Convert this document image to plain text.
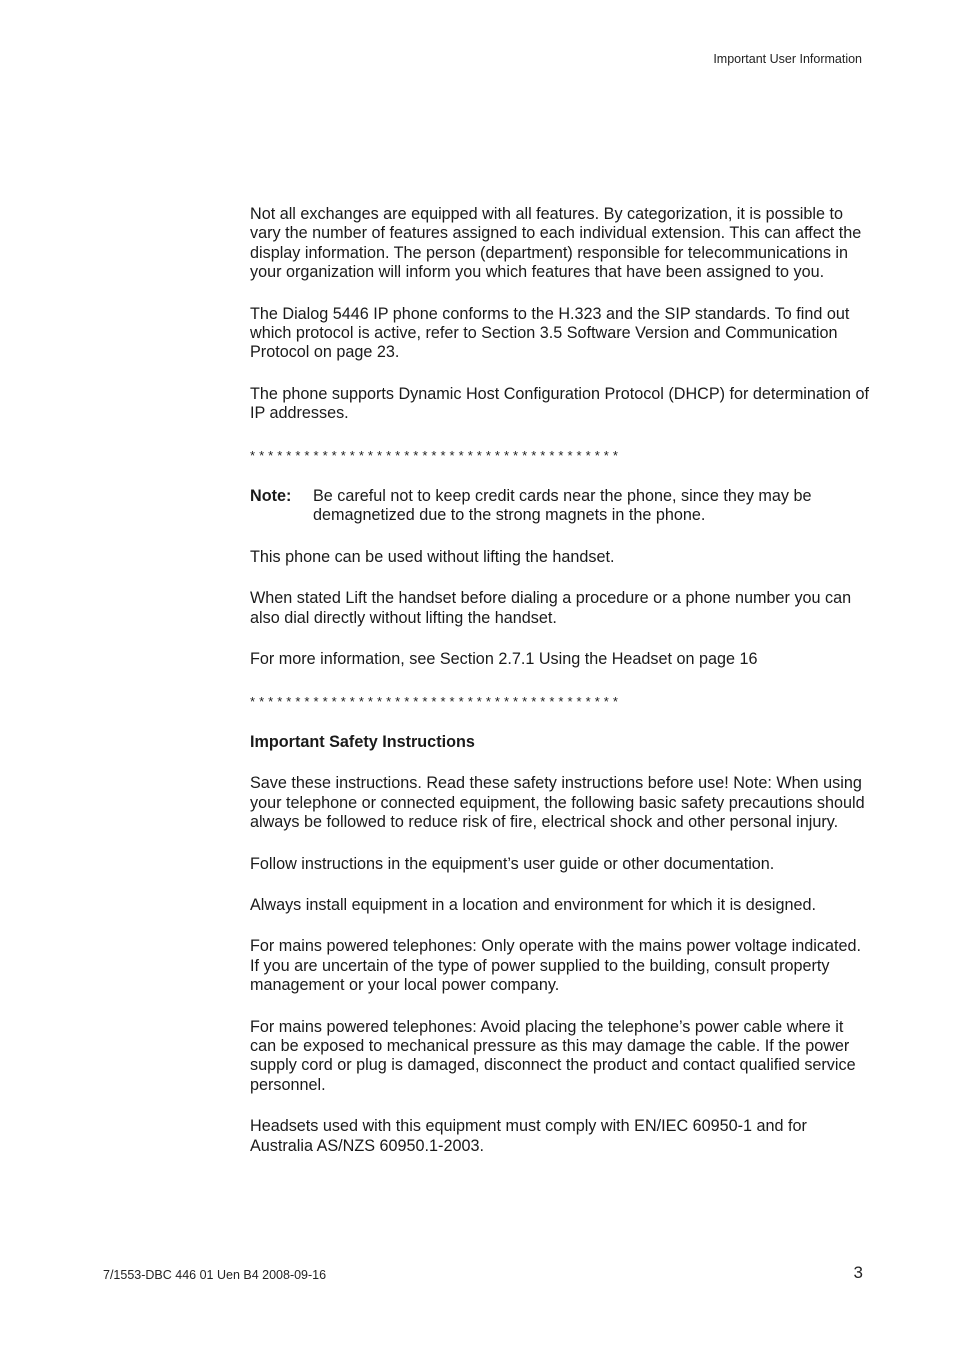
Important User Information

Not all exchanges are equipped with all features. By categorization, it is possible to vary the number of features assigned to each individual extension. This can affect the display information. The person (department) responsible for telecommunications in your organization will inform you which features that have been assigned to you.

The Dialog 5446 IP phone conforms to the H.323 and the SIP standards. To find out which protocol is active, refer to Section 3.5 Software Version and Communication Protocol on page 23.

The phone supports Dynamic Host Configuration Protocol (DHCP) for determination of IP addresses.

* * * * * * * * * * * * * * * * * * * * * * * * * * * * * * * * * * * * * * * * *
Note:	Be careful not to keep credit cards near the phone, since they may be demagnetized due to the strong magnets in the phone.

This phone can be used without lifting the handset.

When stated Lift the handset before dialing a procedure or a phone number you can also dial directly without lifting the handset.

For more information, see Section 2.7.1 Using the Headset on page 16

* * * * * * * * * * * * * * * * * * * * * * * * * * * * * * * * * * * * * * * * *
Important Safety Instructions

Save these instructions. Read these safety instructions before use! Note: When using your telephone or connected equipment, the following basic safety precautions should always be followed to reduce risk of fire, electrical shock and other personal injury.

Follow instructions in the equipment’s user guide or other documentation.

Always install equipment in a location and environment for which it is designed.

For mains powered telephones: Only operate with the mains power voltage indicated. If you are uncertain of the type of power supplied to the building, consult property management or your local power company.

For mains powered telephones: Avoid placing the telephone’s power cable where it can be exposed to mechanical pressure as this may damage the cable. If the power supply cord or plug is damaged, disconnect the product and contact qualified service personnel.

Headsets used with this equipment must comply with EN/IEC 60950-1 and for Australia AS/NZS 60950.1-2003.

7/1553-DBC 446 01 Uen B4 2008-09-16	3
